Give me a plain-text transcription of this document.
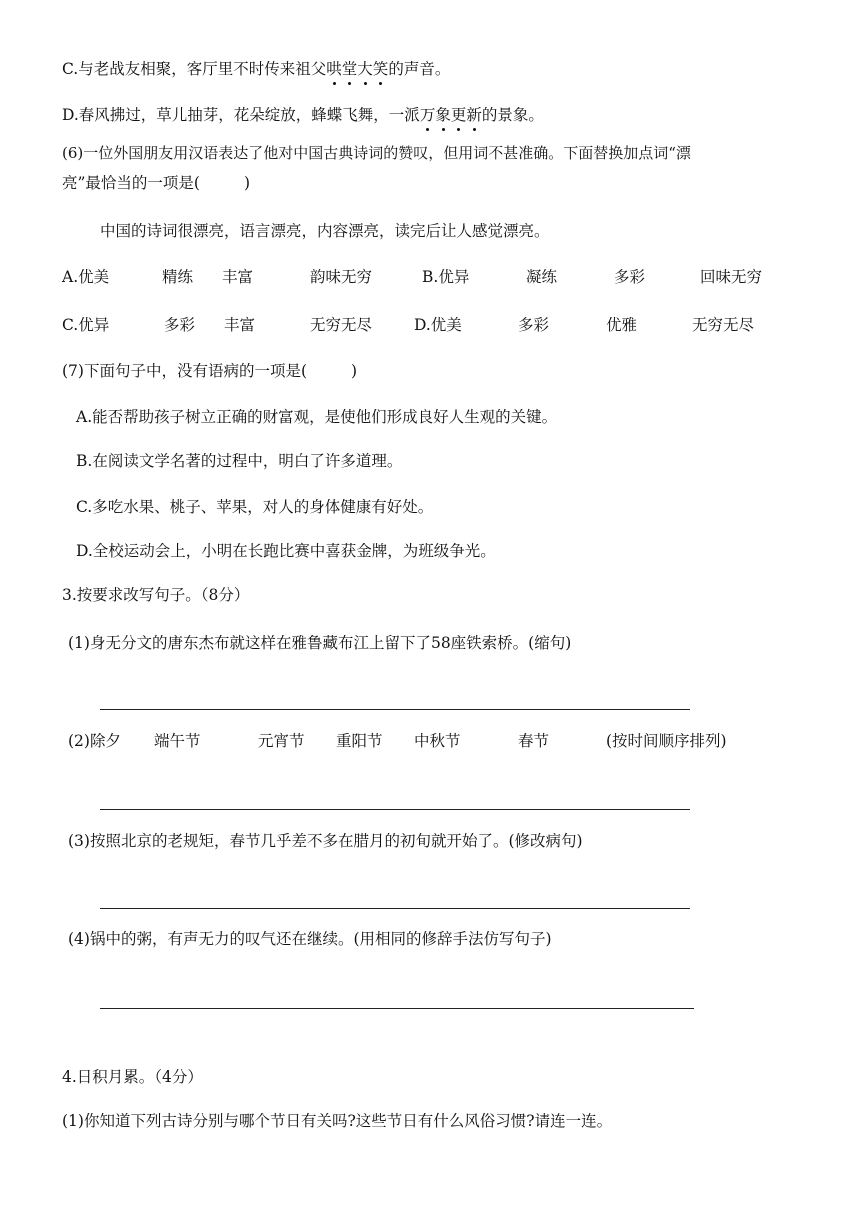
C.与老战友相聚，客厅里不时传来祖父哄堂大笑的声音。
D.春风拂过，草儿抽芽，花朵绽放，蜂蝶飞舞，一派万象更新的景象。
(6)一位外国朋友用汉语表达了他对中国古典诗词的赞叹，但用词不甚准确。下面替换加点词“漂
亮”最恰当的一项是(	)
中国的诗词很漂亮，语言漂亮，内容漂亮，读完后让人感觉漂亮。
A.优美	精练 丰富	韵味无穷	B.优异	凝练	多彩	回味无穷
C.优异	多彩 丰富	无穷无尽	D.优美	多彩	优雅	无穷无尽
(7)下面句子中，没有语病的一项是(	)
A.能否帮助孩子树立正确的财富观，是使他们形成良好人生观的关键。
B.在阅读文学名著的过程中，明白了许多道理。
C.多吃水果、桃子、苹果，对人的身体健康有好处。
D.全校运动会上，小明在长跑比赛中喜获金牌，为班级争光。
3.按要求改写句子。（8分）
(1)身无分文的唐东杰布就这样在雅鲁藏布江上留下了58座铁索桥。(缩句)
(2)除夕 端午节	元宵节 重阳节 中秋节	春节	(按时间顺序排列)
(3)按照北京的老规矩，春节几乎差不多在腊月的初旬就开始了。(修改病句)
(4)锅中的粥，有声无力的叹气还在继续。(用相同的修辞手法仿写句子)
4.日积月累。（4分）
(1)你知道下列古诗分别与哪个节日有关吗?这些节日有什么风俗习惯?请连一连。
